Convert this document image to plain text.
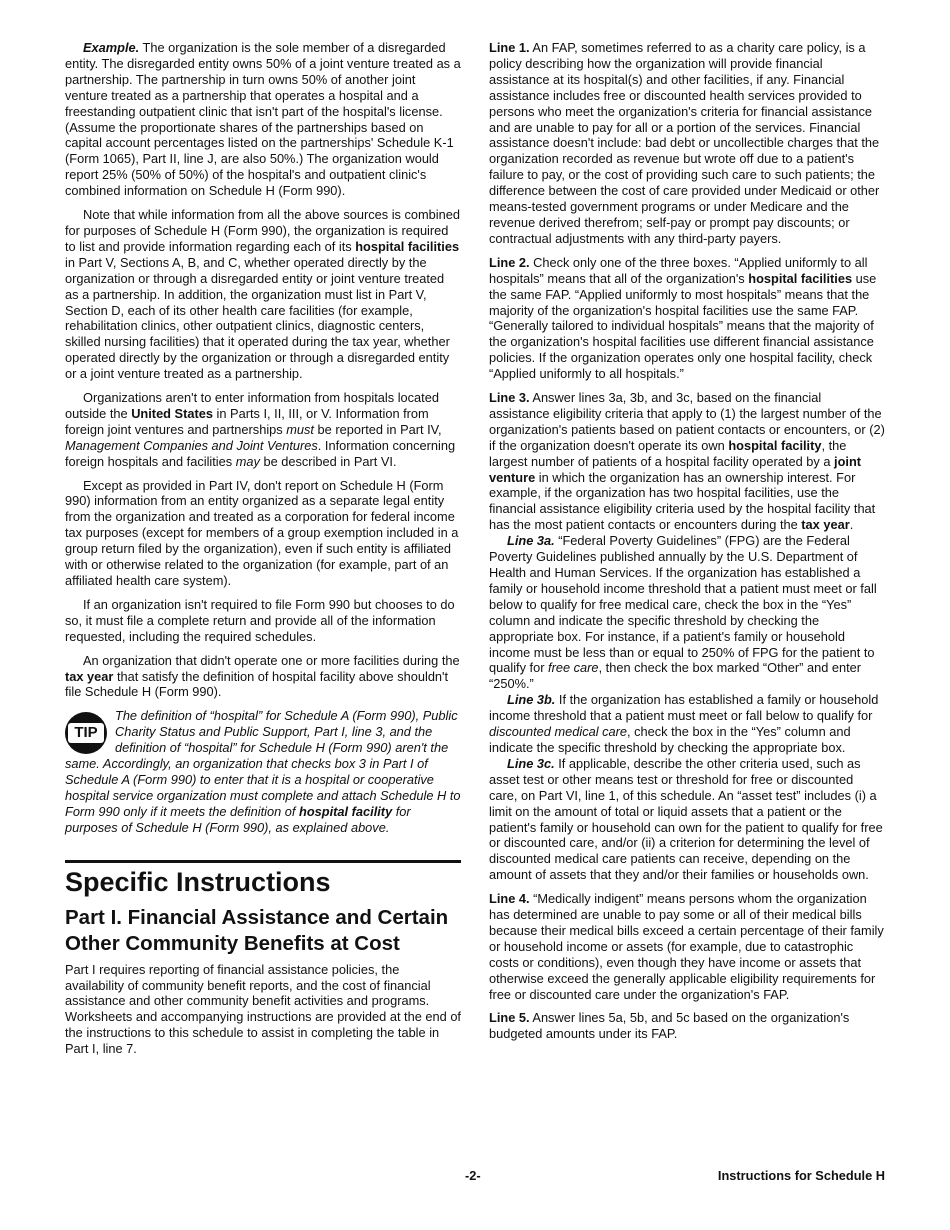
Example. The organization is the sole member of a disregarded entity. The disregarded entity owns 50% of a joint venture treated as a partnership. The partnership in turn owns 50% of another joint venture treated as a partnership that operates a hospital and a freestanding outpatient clinic that isn't part of the hospital's license. (Assume the proportionate shares of the partnerships based on capital account percentages listed on the partnerships' Schedule K-1 (Form 1065), Part II, line J, are also 50%.) The organization would report 25% (50% of 50%) of the hospital's and outpatient clinic's combined information on Schedule H (Form 990).

Note that while information from all the above sources is combined for purposes of Schedule H (Form 990), the organization is required to list and provide information regarding each of its hospital facilities in Part V, Sections A, B, and C, whether operated directly by the organization or through a disregarded entity or joint venture treated as a partnership. In addition, the organization must list in Part V, Section D, each of its other health care facilities (for example, rehabilitation clinics, other outpatient clinics, diagnostic centers, skilled nursing facilities) that it operated during the tax year, whether operated directly by the organization or through a disregarded entity or a joint venture treated as a partnership.

Organizations aren't to enter information from hospitals located outside the United States in Parts I, II, III, or V. Information from foreign joint ventures and partnerships must be reported in Part IV, Management Companies and Joint Ventures. Information concerning foreign hospitals and facilities may be described in Part VI.

Except as provided in Part IV, don't report on Schedule H (Form 990) information from an entity organized as a separate legal entity from the organization and treated as a corporation for federal income tax purposes (except for members of a group exemption included in a group return filed by the organization), even if such entity is affiliated with or otherwise related to the organization (for example, part of an affiliated health care system).

If an organization isn't required to file Form 990 but chooses to do so, it must file a complete return and provide all of the information requested, including the required schedules.

An organization that didn't operate one or more facilities during the tax year that satisfy the definition of hospital facility above shouldn't file Schedule H (Form 990).

TIP
The definition of “hospital” for Schedule A (Form 990), Public Charity Status and Public Support, Part I, line 3, and the definition of “hospital” for Schedule H (Form 990) aren't the same. Accordingly, an organization that checks box 3 in Part I of Schedule A (Form 990) to enter that it is a hospital or cooperative hospital service organization must complete and attach Schedule H to Form 990 only if it meets the definition of hospital facility for purposes of Schedule H (Form 990), as explained above.
Specific Instructions
Part I. Financial Assistance and Certain Other Community Benefits at Cost

Part I requires reporting of financial assistance policies, the availability of community benefit reports, and the cost of financial assistance and other community benefit activities and programs. Worksheets and accompanying instructions are provided at the end of the instructions to this schedule to assist in completing the table in Part I, line 7.

Line 1. An FAP, sometimes referred to as a charity care policy, is a policy describing how the organization will provide financial assistance at its hospital(s) and other facilities, if any. Financial assistance includes free or discounted health services provided to persons who meet the organization's criteria for financial assistance and are unable to pay for all or a portion of the services. Financial assistance doesn't include: bad debt or uncollectible charges that the organization recorded as revenue but wrote off due to a patient's failure to pay, or the cost of providing such care to such patients; the difference between the cost of care provided under Medicaid or other means-tested government programs or under Medicare and the revenue derived therefrom; self-pay or prompt pay discounts; or contractual adjustments with any third-party payers.

Line 2. Check only one of the three boxes. “Applied uniformly to all hospitals” means that all of the organization's hospital facilities use the same FAP. “Applied uniformly to most hospitals” means that the majority of the organization's hospital facilities use the same FAP. “Generally tailored to individual hospitals” means that the majority of the organization's hospital facilities use different financial assistance policies. If the organization operates only one hospital facility, check “Applied uniformly to all hospitals.”

Line 3. Answer lines 3a, 3b, and 3c, based on the financial assistance eligibility criteria that apply to (1) the largest number of the organization's patients based on patient contacts or encounters, or (2) if the organization doesn't operate its own hospital facility, the largest number of patients of a hospital facility operated by a joint venture in which the organization has an ownership interest. For example, if the organization has two hospital facilities, use the financial assistance eligibility criteria used by the hospital facility that has the most patient contacts or encounters during the tax year.

Line 3a. “Federal Poverty Guidelines” (FPG) are the Federal Poverty Guidelines published annually by the U.S. Department of Health and Human Services. If the organization has established a family or household income threshold that a patient must meet or fall below to qualify for free medical care, check the box in the “Yes” column and indicate the specific threshold by checking the appropriate box. For instance, if a patient's family or household income must be less than or equal to 250% of FPG for the patient to qualify for free care, then check the box marked “Other” and enter “250%.”

Line 3b. If the organization has established a family or household income threshold that a patient must meet or fall below to qualify for discounted medical care, check the box in the “Yes” column and indicate the specific threshold by checking the appropriate box.

Line 3c. If applicable, describe the other criteria used, such as asset test or other means test or threshold for free or discounted care, on Part VI, line 1, of this schedule. An “asset test” includes (i) a limit on the amount of total or liquid assets that a patient or the patient's family or household can own for the patient to qualify for free or discounted care, and/or (ii) a criterion for determining the level of discounted medical care patients can receive, depending on the amount of assets that they and/or their families or households own.

Line 4. “Medically indigent” means persons whom the organization has determined are unable to pay some or all of their medical bills because their medical bills exceed a certain percentage of their family or household income or assets (for example, due to catastrophic costs or conditions), even though they have income or assets that otherwise exceed the generally applicable eligibility requirements for free or discounted care under the organization's FAP.

Line 5. Answer lines 5a, 5b, and 5c based on the organization's budgeted amounts under its FAP.

-2-	Instructions for Schedule H
